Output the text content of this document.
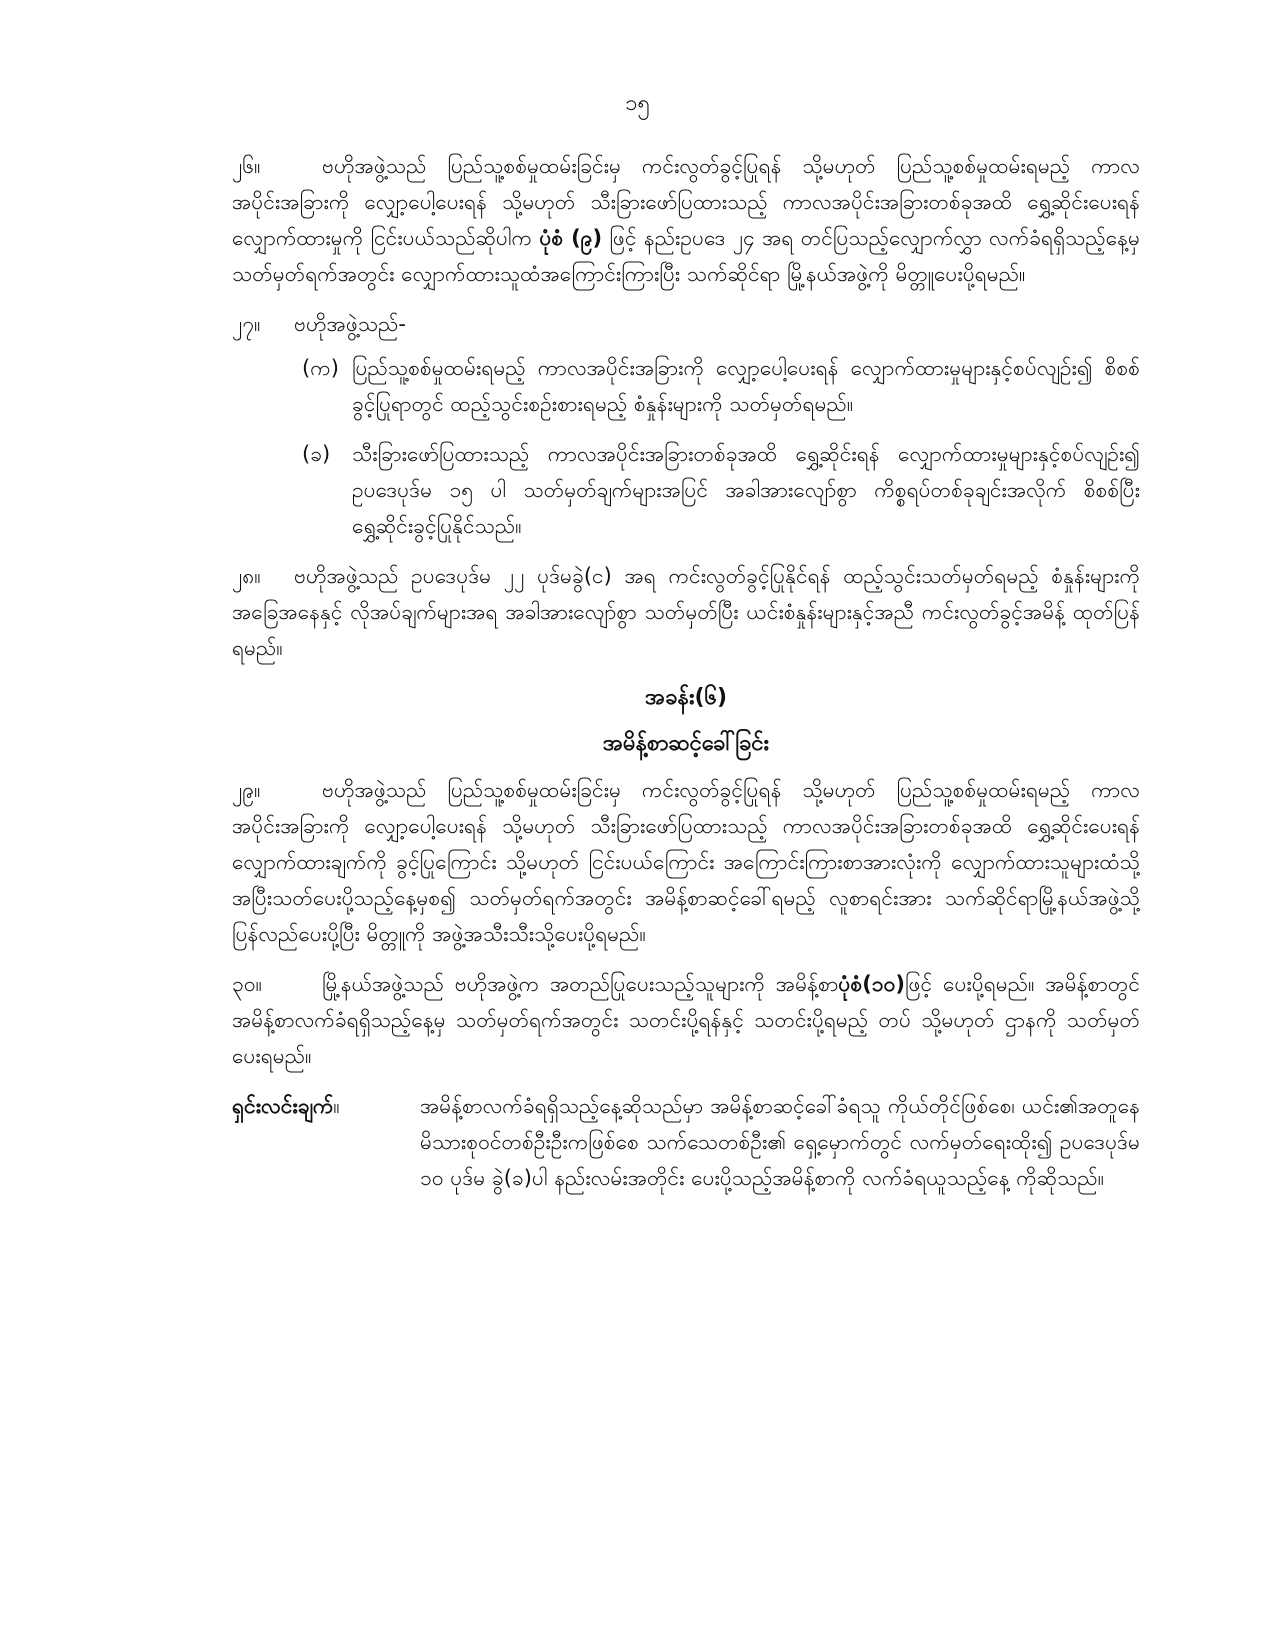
၁၅

၂၆။	ဗဟိုအဖွဲ့သည် ပြည်သူ့စစ်မှုထမ်းခြင်းမှ ကင်းလွတ်ခွင့်ပြုရန် သို့မဟုတ် ပြည်သူ့စစ်မှုထမ်းရမည့် ကာလအပိုင်းအခြားကို လျှော့ပေါ့ပေးရန် သို့မဟုတ် သီးခြားဖော်ပြထားသည့် ကာလအပိုင်းအခြားတစ်ခုအထိ ရွှေ့ဆိုင်းပေးရန် လျှောက်ထားမှုကို ငြင်းပယ်သည်ဆိုပါက ပုံစံ (၉) ဖြင့် နည်းဥပဒေ ၂၄ အရ တင်ပြသည့်လျှောက်လွှာ လက်ခံရရှိသည့်နေ့မှ သတ်မှတ်ရက်အတွင်း လျှောက်ထားသူထံအကြောင်းကြားပြီး သက်ဆိုင်ရာ မြို့နယ်အဖွဲ့ကို မိတ္တူပေးပို့ရမည်။

၂၇။ ဗဟိုအဖွဲ့သည်-

(က) ပြည်သူ့စစ်မှုထမ်းရမည့် ကာလအပိုင်းအခြားကို လျှော့ပေါ့ပေးရန် လျှောက်ထားမှုများနှင့်စပ်လျဉ်း၍ စိစစ်ခွင့်ပြုရာတွင် ထည့်သွင်းစဉ်းစားရမည့် စံနှုန်းများကို သတ်မှတ်ရမည်။

(ခ) သီးခြားဖော်ပြထားသည့် ကာလအပိုင်းအခြားတစ်ခုအထိ ရွှေ့ဆိုင်းရန် လျှောက်ထားမှုများနှင့်စပ်လျဉ်း၍ ဥပဒေပုဒ်မ ၁၅ ပါ သတ်မှတ်ချက်များအပြင် အခါအားလျော်စွာ ကိစ္စရပ်တစ်ခုချင်းအလိုက် စိစစ်ပြီး ရွှေ့ဆိုင်းခွင့်ပြုနိုင်သည်။

၂၈။ ဗဟိုအဖွဲ့သည် ဥပဒေပုဒ်မ ၂၂ ပုဒ်မခွဲ(င) အရ ကင်းလွတ်ခွင့်ပြုနိုင်ရန် ထည့်သွင်းသတ်မှတ်ရမည့် စံနှုန်းများကို အခြေအနေနှင့် လိုအပ်ချက်များအရ အခါအားလျော်စွာ သတ်မှတ်ပြီး ယင်းစံနှုန်းများနှင့်အညီ ကင်းလွတ်ခွင့်အမိန့် ထုတ်ပြန်ရမည်။

အခန်း(၆)
အမိန့်စာဆင့်ခေါ်ခြင်း

၂၉။	ဗဟိုအဖွဲ့သည် ပြည်သူ့စစ်မှုထမ်းခြင်းမှ ကင်းလွတ်ခွင့်ပြုရန် သို့မဟုတ် ပြည်သူ့စစ်မှုထမ်းရမည့် ကာလအပိုင်းအခြားကို လျှော့ပေါ့ပေးရန် သို့မဟုတ် သီးခြားဖော်ပြထားသည့် ကာလအပိုင်းအခြားတစ်ခုအထိ ရွှေ့ဆိုင်းပေးရန် လျှောက်ထားချက်ကို ခွင့်ပြုကြောင်း သို့မဟုတ် ငြင်းပယ်ကြောင်း အကြောင်းကြားစာအားလုံးကို လျှောက်ထားသူများထံသို့ အပြီးသတ်ပေးပို့သည့်နေ့မှစ၍ သတ်မှတ်ရက်အတွင်း အမိန့်စာဆင့်ခေါ်ရမည့် လူစာရင်းအား သက်ဆိုင်ရာမြို့နယ်အဖွဲ့သို့ ပြန်လည်ပေးပို့ပြီး မိတ္တူကို အဖွဲ့အသီးသီးသို့ပေးပို့ရမည်။

၃၀။	မြို့နယ်အဖွဲ့သည် ဗဟိုအဖွဲ့က အတည်ပြုပေးသည့်သူများကို အမိန့်စာပုံစံ(၁၀)ဖြင့် ပေးပို့ရမည်။ အမိန့်စာတွင် အမိန့်စာလက်ခံရရှိသည့်နေ့မှ သတ်မှတ်ရက်အတွင်း သတင်းပို့ရန်နှင့် သတင်းပို့ရမည့် တပ် သို့မဟုတ် ဌာနကို သတ်မှတ်ပေးရမည်။

ရှင်းလင်းချက်။	အမိန့်စာလက်ခံရရှိသည့်နေ့ဆိုသည်မှာ အမိန့်စာဆင့်ခေါ်ခံရသူ ကိုယ်တိုင်ဖြစ်စေ၊ ယင်း၏အတူနေ မိသားစုဝင်တစ်ဦးဦးကဖြစ်စေ သက်သေတစ်ဦး၏ ရှေ့မှောက်တွင် လက်မှတ်ရေးထိုး၍ ဥပဒေပုဒ်မ ၁၀ ပုဒ်မ ခွဲ(ခ)ပါ နည်းလမ်းအတိုင်း ပေးပို့သည့်အမိန့်စာကို လက်ခံရယူသည့်နေ့ ကိုဆိုသည်။
